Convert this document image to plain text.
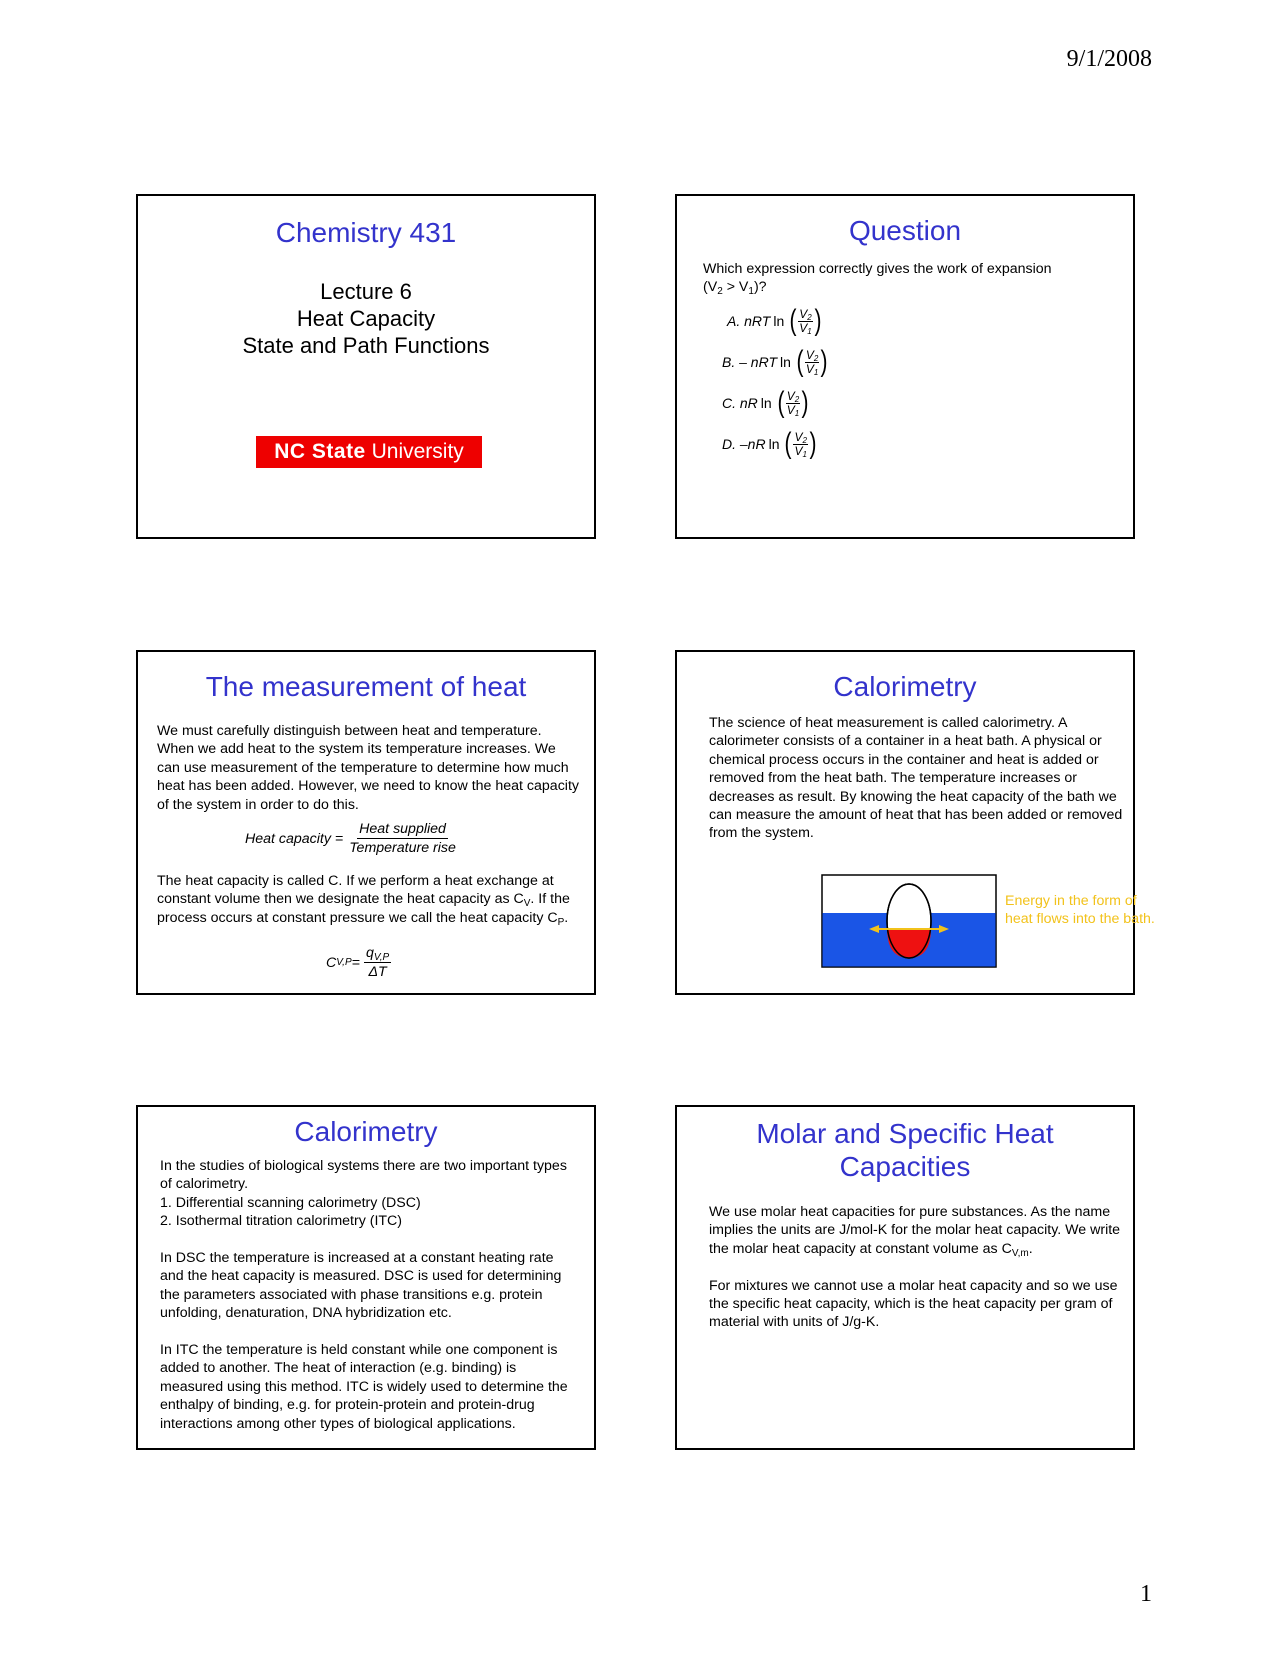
9/1/2008
Chemistry 431
Lecture 6
Heat Capacity
State and Path Functions
NC State University
Question

Which expression correctly gives the work of expansion

$(V_2 > V_1)$?

A.
nRT ln ( $V_2$
$V_1$ )
B.
– nRT ln ( $V_2$
$V_1$ )
C.
nR ln ( $V_2$
$V_1$ )
D.
–nR ln ( $V_2$
$V_1$ )
The measurement of heat
We must carefully distinguish between heat and temperature. When we add heat to the system its temperature increases. We can use measurement of the temperature to determine how much heat has been added. However, we need to know the heat capacity of the system in order to do this.
Heat capacity = $\frac{\text{Heat supplied}}{\text{Temperature rise}}$
The heat capacity is called C. If we perform a heat exchange at constant volume then we designate the heat capacity as $C_V$. If the process occurs at constant pressure we call the heat capacity $C_P$.
C $V,P = \frac{q_{V,P}}{\Delta T}$
Calorimetry
The science of heat measurement is called calorimetry. A calorimeter consists of a container in a heat bath. A physical or chemical process occurs in the container and heat is added or removed from the heat bath. The temperature increases or decreases as result. By knowing the heat capacity of the bath we can measure the amount of heat that has been added or removed from the system.
Energy in the form of heat flows into the bath.
Calorimetry

In the studies of biological systems there are two important types of calorimetry.

1. Differential scanning calorimetry (DSC)

2. Isothermal titration calorimetry (ITC)

In DSC the temperature is increased at a constant heating rate and the heat capacity is measured. DSC is used for determining the parameters associated with phase transitions e.g. protein unfolding, denaturation, DNA hybridization etc.

In ITC the temperature is held constant while one component is added to another. The heat of interaction (e.g. binding) is measured using this method. ITC is widely used to determine the enthalpy of binding, e.g. for protein-protein and protein-drug interactions among other types of biological applications.

Molar and Specific Heat
Capacities

We use molar heat capacities for pure substances. As the name implies the units are J/mol-K for the molar heat capacity. We write the molar heat capacity at constant volume as $C_{V,m}$.

For mixtures we cannot use a molar heat capacity and so we use the specific heat capacity, which is the heat capacity per gram of material with units of J/g-K.

1
